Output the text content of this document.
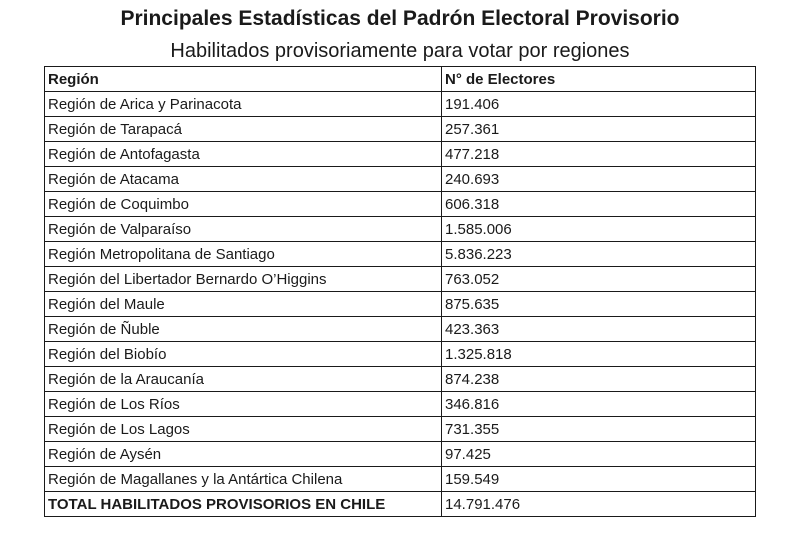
Principales Estadísticas del Padrón Electoral Provisorio
Habilitados provisoriamente para votar por regiones
Región	N° de Electores
Región de Arica y Parinacota	191.406
Región de Tarapacá	257.361
Región de Antofagasta	477.218
Región de Atacama	240.693
Región de Coquimbo	606.318
Región de Valparaíso	1.585.006
Región Metropolitana de Santiago	5.836.223
Región del Libertador Bernardo O’Higgins	763.052
Región del Maule	875.635
Región de Ñuble	423.363
Región del Biobío	1.325.818
Región de la Araucanía	874.238
Región de Los Ríos	346.816
Región de Los Lagos	731.355
Región de Aysén	97.425
Región de Magallanes y la Antártica Chilena	159.549
TOTAL HABILITADOS PROVISORIOS EN CHILE	14.791.476
